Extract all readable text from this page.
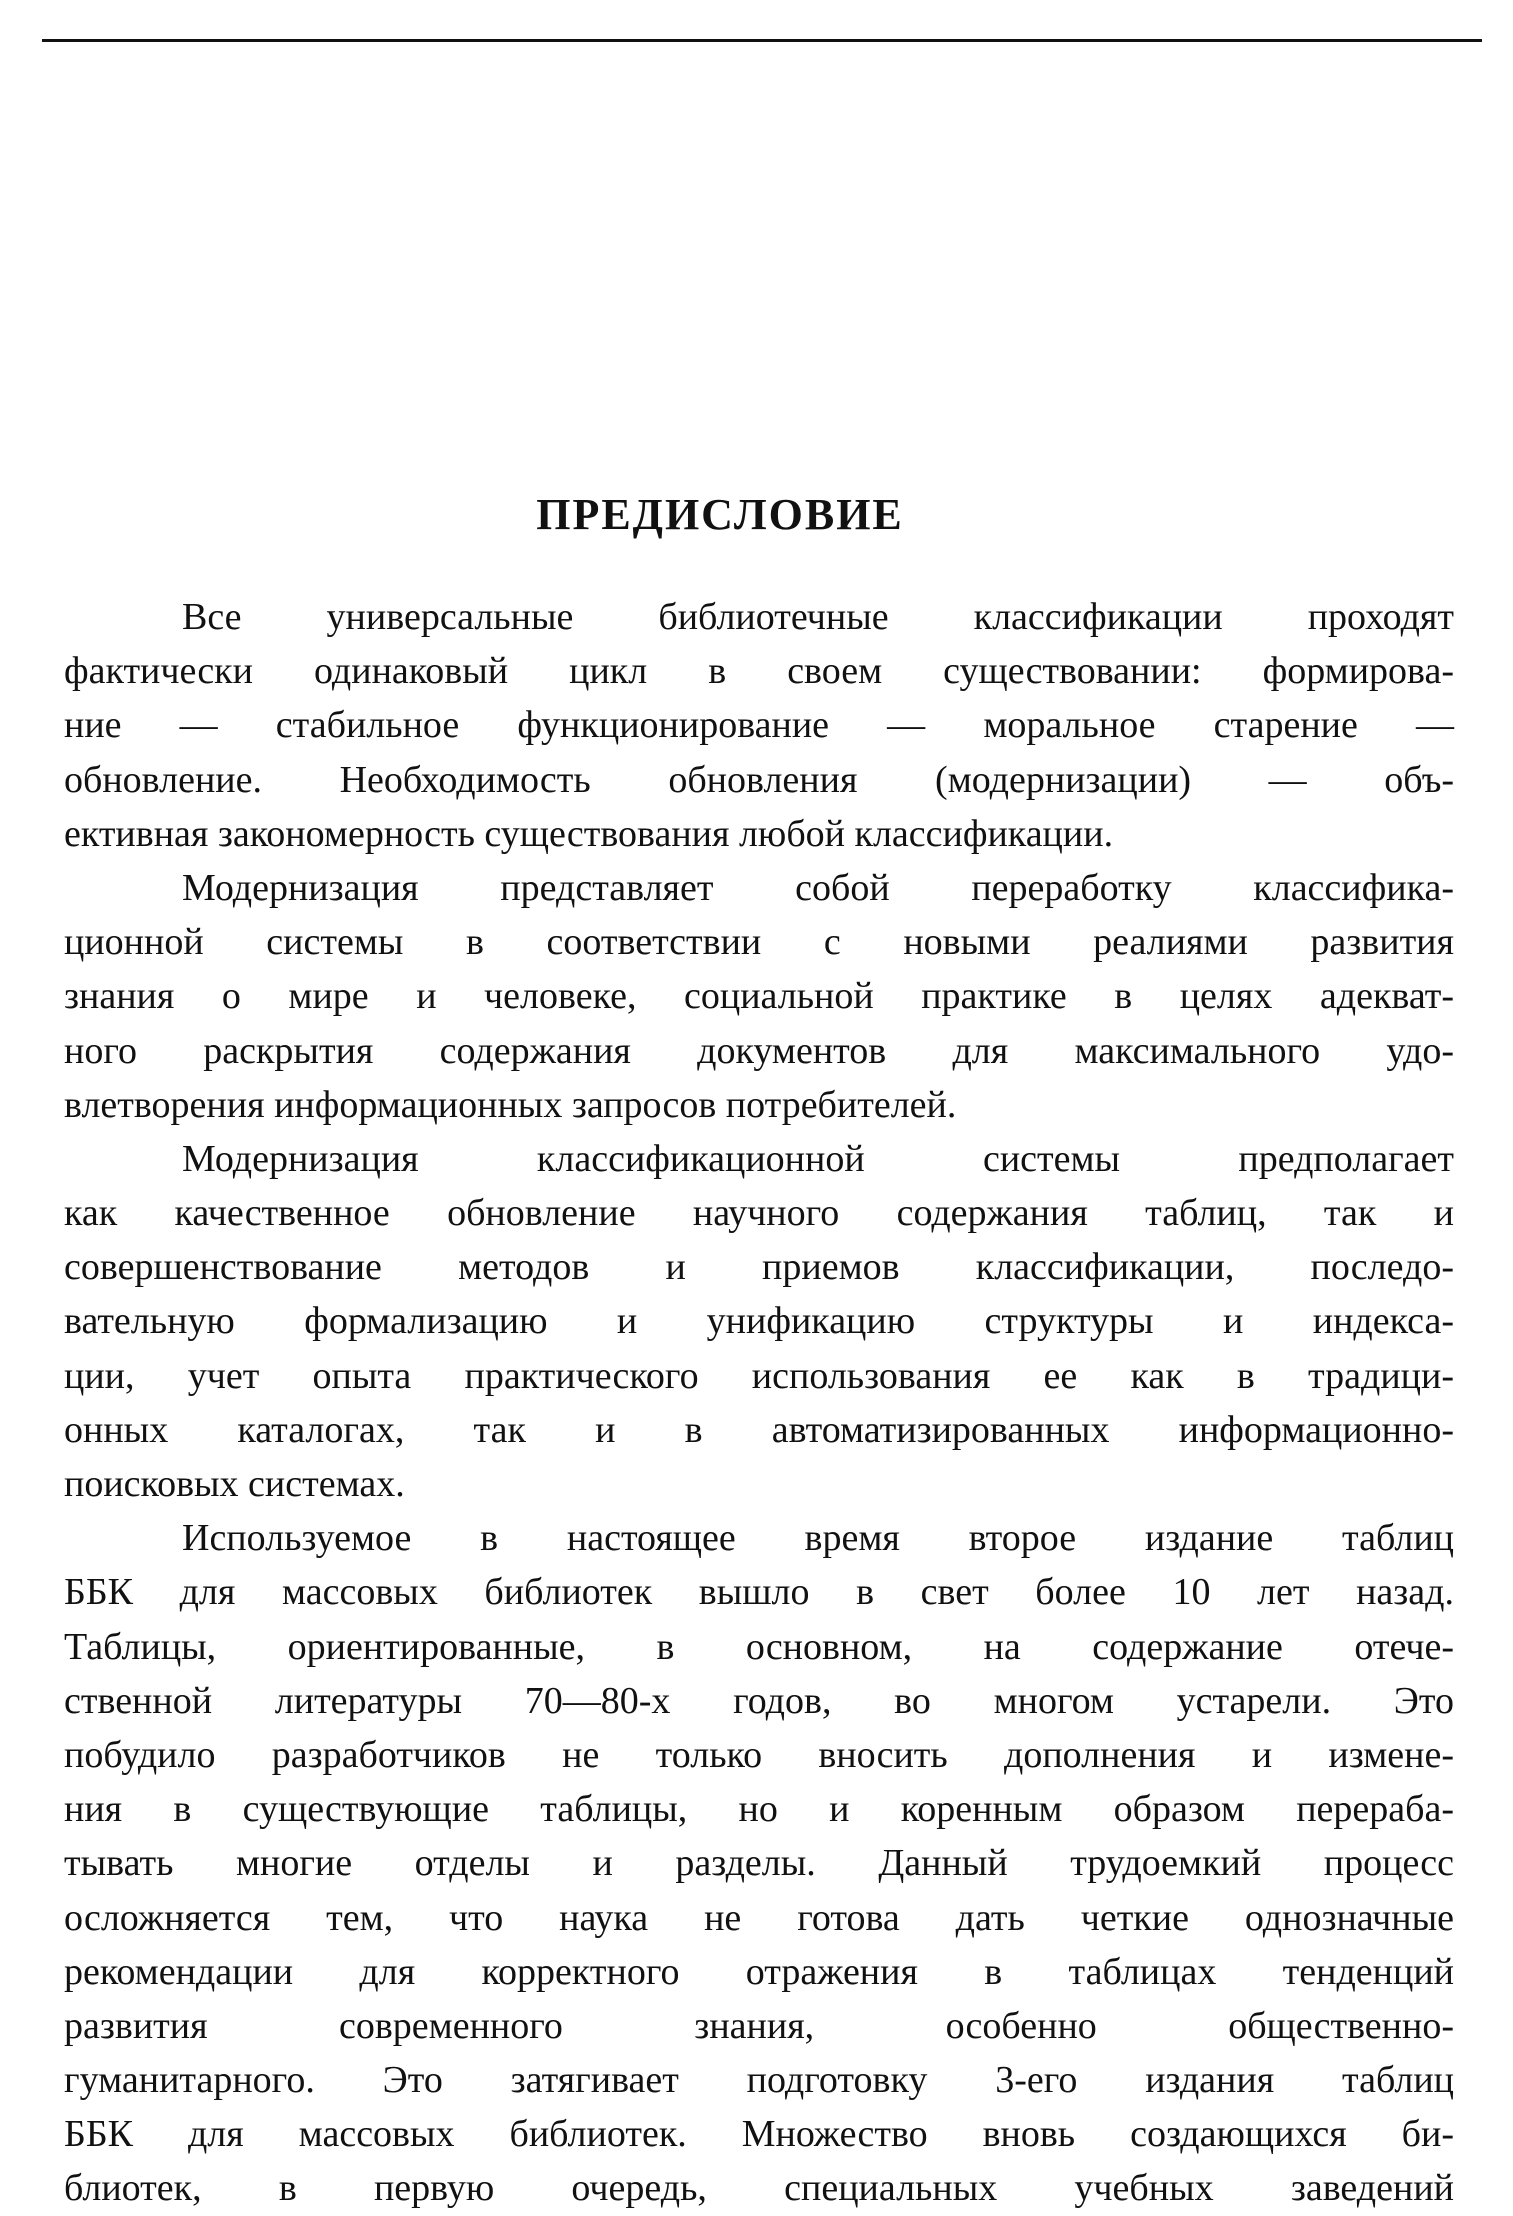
ПРЕДИСЛОВИЕ
Все универсальные библиотечные классификации проходят
фактически одинаковый цикл в своем существовании: формирова-
ние — стабильное функционирование — моральное старение —
обновление. Необходимость обновления (модернизации) — объ-
ективная закономерность существования любой классификации.
Модернизация представляет собой переработку классифика-
ционной системы в соответствии с новыми реалиями развития
знания о мире и человеке, социальной практике в целях адекват-
ного раскрытия содержания документов для максимального удо-
влетворения информационных запросов потребителей.
Модернизация классификационной системы предполагает
как качественное обновление научного содержания таблиц, так и
совершенствование методов и приемов классификации, последо-
вательную формализацию и унификацию структуры и индекса-
ции, учет опыта практического использования ее как в традици-
онных каталогах, так и в автоматизированных информационно-
поисковых системах.
Используемое в настоящее время второе издание таблиц
ББК для массовых библиотек вышло в свет более 10 лет назад.
Таблицы, ориентированные, в основном, на содержание отече-
ственной литературы 70—80-х годов, во многом устарели. Это
побудило разработчиков не только вносить дополнения и измене-
ния в существующие таблицы, но и коренным образом перераба-
тывать многие отделы и разделы. Данный трудоемкий процесс
осложняется тем, что наука не готова дать четкие однозначные
рекомендации для корректного отражения в таблицах тенденций
развития современного знания, особенно общественно-
гуманитарного. Это затягивает подготовку 3-его издания таблиц
ББК для массовых библиотек. Множество вновь создающихся би-
блиотек, в первую очередь, специальных учебных заведений
